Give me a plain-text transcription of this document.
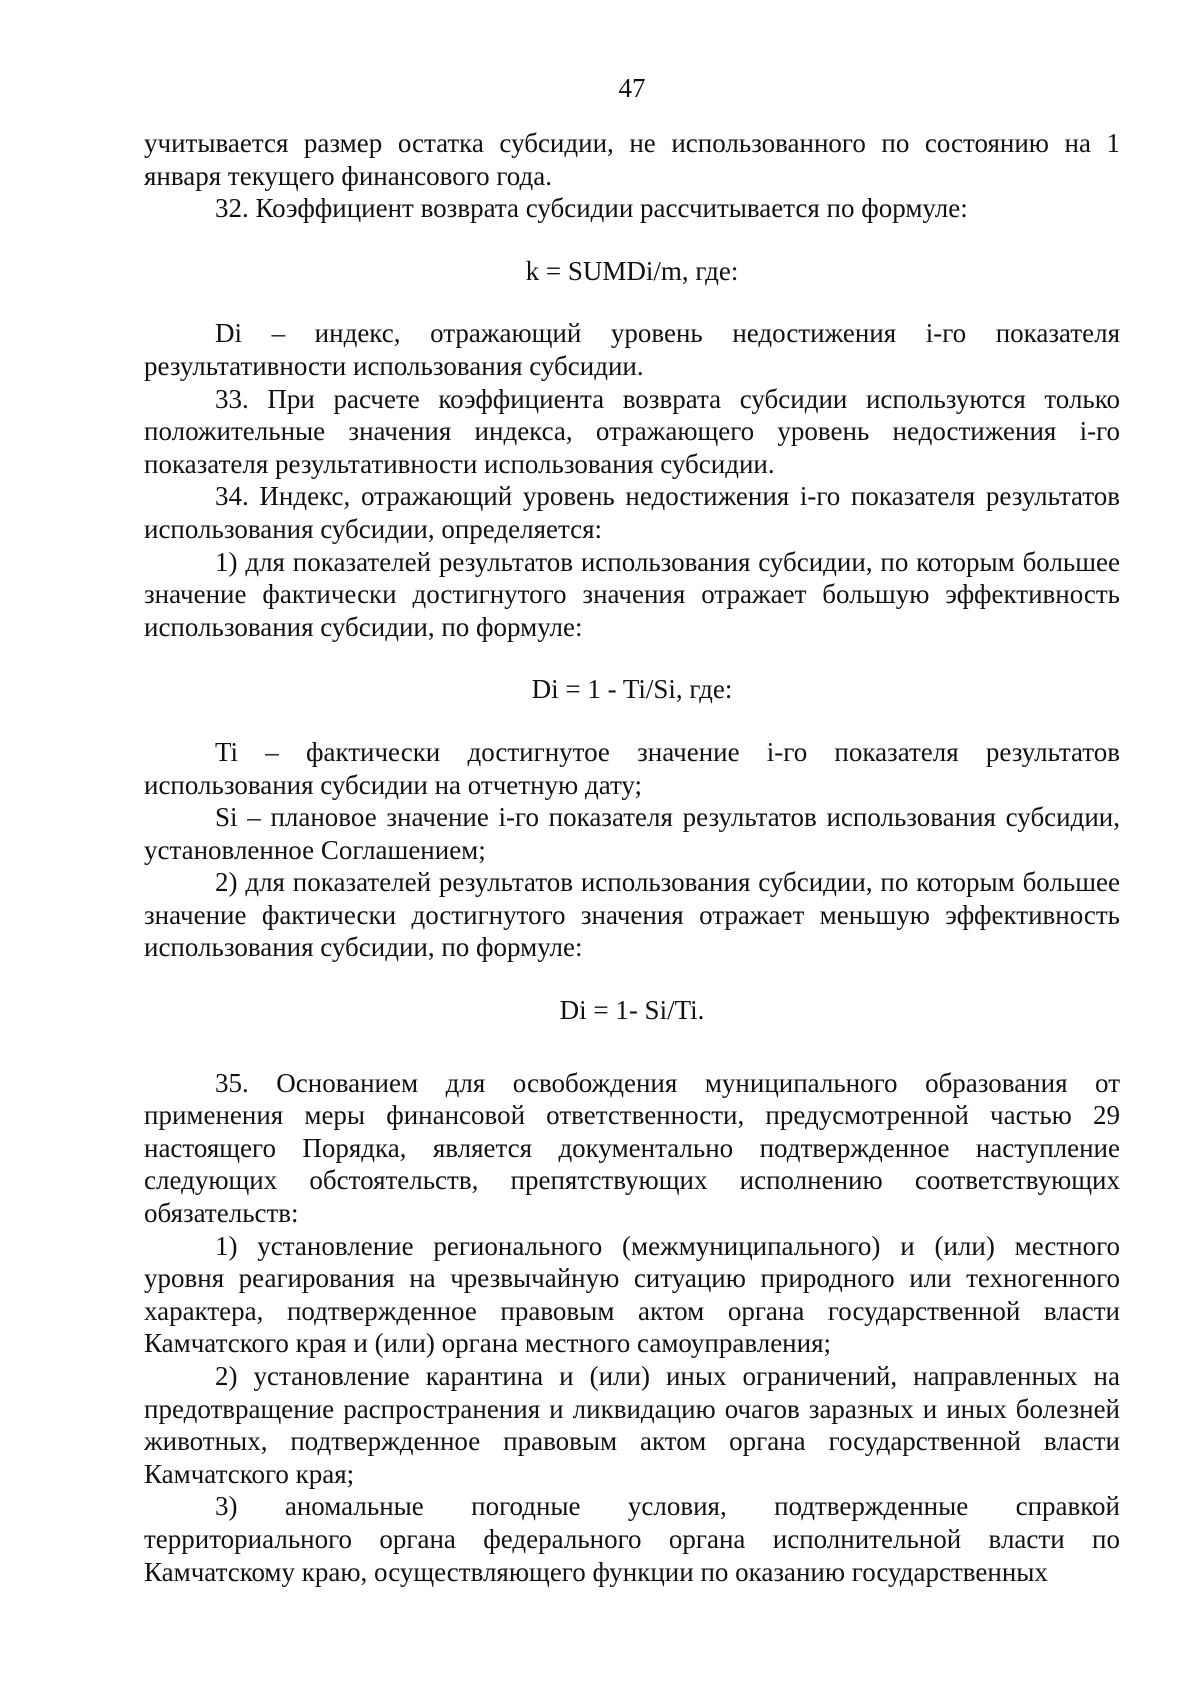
47

учитывается размер остатка субсидии, не использованного по состоянию на 1 января текущего финансового года.

32. Коэффициент возврата субсидии рассчитывается по формуле:

k = SUMDi/m, где:

Di – индекс, отражающий уровень недостижения i-го показателя результативности использования субсидии.

33. При расчете коэффициента возврата субсидии используются только положительные значения индекса, отражающего уровень недостижения i-го показателя результативности использования субсидии.

34. Индекс, отражающий уровень недостижения i-го показателя результатов использования субсидии, определяется:

1) для показателей результатов использования субсидии, по которым большее значение фактически достигнутого значения отражает большую эффективность использования субсидии, по формуле:

Di = 1 - Ti/Si, где:

Ti – фактически достигнутое значение i-го показателя результатов использования субсидии на отчетную дату;

Si – плановое значение i-го показателя результатов использования субсидии, установленное Соглашением;

2) для показателей результатов использования субсидии, по которым большее значение фактически достигнутого значения отражает меньшую эффективность использования субсидии, по формуле:

Di = 1- Si/Ti.

35. Основанием для освобождения муниципального образования от применения меры финансовой ответственности, предусмотренной частью 29 настоящего Порядка, является документально подтвержденное наступление следующих обстоятельств, препятствующих исполнению соответствующих обязательств:

1) установление регионального (межмуниципального) и (или) местного уровня реагирования на чрезвычайную ситуацию природного или техногенного характера, подтвержденное правовым актом органа государственной власти Камчатского края и (или) органа местного самоуправления;

2) установление карантина и (или) иных ограничений, направленных на предотвращение распространения и ликвидацию очагов заразных и иных болезней животных, подтвержденное правовым актом органа государственной власти Камчатского края;

3) аномальные погодные условия, подтвержденные справкой территориального органа федерального органа исполнительной власти по Камчатскому краю, осуществляющего функции по оказанию государственных
